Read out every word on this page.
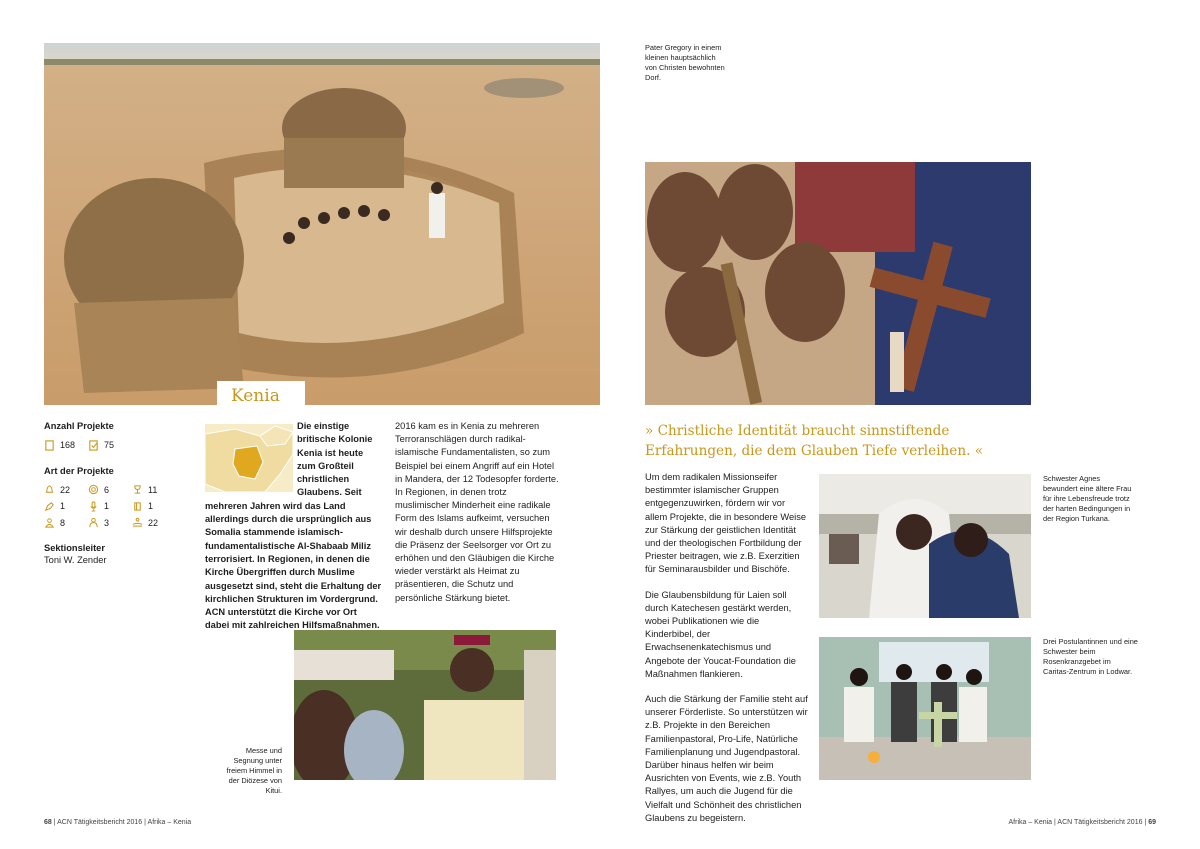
Pater Gregory in einem kleinen hauptsächlich von Christen bewohnten Dorf.
Kenia
Anzahl Projekte
168	75
Art der Projekte
22	6	11
1	1	1
8	3	22
Sektionsleiter
Toni W. Zender
Die einstige britische Kolonie Kenia ist heute zum Großteil christlichen Glaubens. Seit mehreren Jahren wird das Land allerdings durch die ursprünglich aus Somalia stammende islamisch-fundamentalistische Al-Shabaab Miliz terrorisiert. In Regionen, in denen die Kirche Übergriffen durch Muslime ausgesetzt sind, steht die Erhaltung der kirchlichen Strukturen im Vordergrund. ACN unterstützt die Kirche vor Ort dabei mit zahlreichen Hilfsmaßnahmen.
2016 kam es in Kenia zu mehreren Terroranschlägen durch radikal-islamische Fundamentalisten, so zum Beispiel bei einem Angriff auf ein Hotel in Mandera, der 12 Todesopfer forderte. In Regionen, in denen trotz muslimischer Minderheit eine radikale Form des Islams aufkeimt, versuchen wir deshalb durch unsere Hilfsprojekte die Präsenz der Seelsorger vor Ort zu erhöhen und den Gläubigen die Kirche wieder verstärkt als Heimat zu präsentieren, die Schutz und persönliche Stärkung bietet.
Messe und Segnung unter freiem Himmel in der Diözese von Kitui.
» Christliche Identität braucht sinnstiftende Erfahrungen, die dem Glauben Tiefe verleihen. «

Um dem radikalen Missionseifer bestimmter islamischer Gruppen entgegenzuwirken, fördern wir vor allem Projekte, die in besondere Weise zur Stärkung der geistlichen Identität und der theologischen Fortbildung der Priester beitragen, wie z.B. Exerzitien für Seminarausbilder und Bischöfe.

Die Glaubensbildung für Laien soll durch Katechesen gestärkt werden, wobei Publikationen wie die Kinderbibel, der Erwachsenenkatechismus und Angebote der Youcat-Foundation die Maßnahmen flankieren.

Auch die Stärkung der Familie steht auf unserer Förderliste. So unterstützen wir z.B. Projekte in den Bereichen Familienpastoral, Pro-Life, Natürliche Familienplanung und Jugendpastoral. Darüber hinaus helfen wir beim Ausrichten von Events, wie z.B. Youth Rallyes, um auch die Jugend für die Vielfalt und Schönheit des christlichen Glaubens zu begeistern.

Schwester Agnes bewundert eine ältere Frau für ihre Lebensfreude trotz der harten Bedingungen in der Region Turkana.
Drei Postulantinnen und eine Schwester beim Rosenkranzgebet im Caritas-Zentrum in Lodwar.
68 | ACN Tätigkeitsbericht 2016 | Afrika – Kenia	Afrika – Kenia | ACN Tätigkeitsbericht 2016 | 69
